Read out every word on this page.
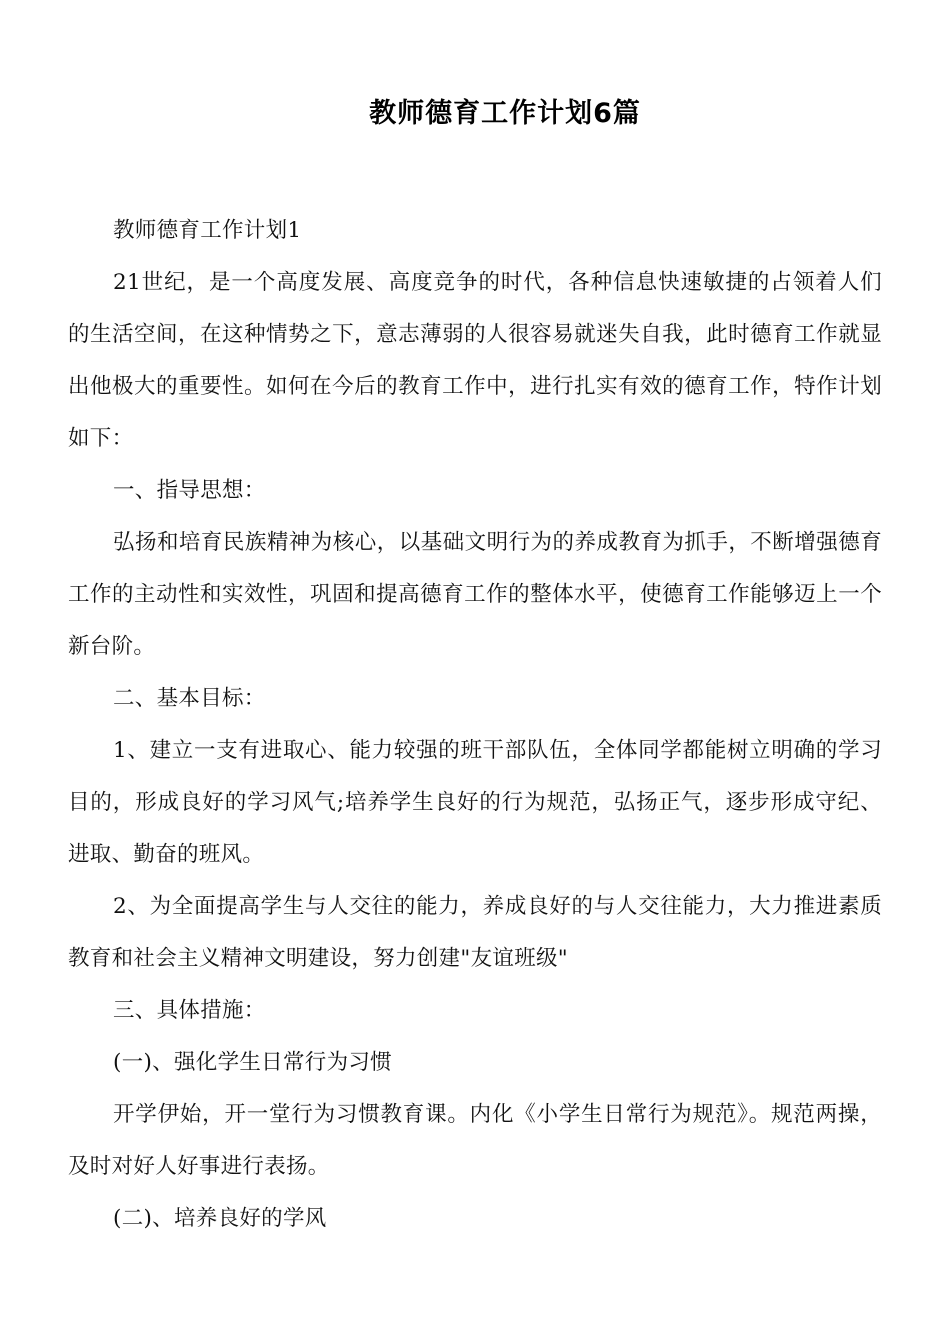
教师德育工作计划6篇

教师德育工作计划1

21世纪，是一个高度发展、高度竞争的时代，各种信息快速敏捷的占领着人们的生活空间，在这种情势之下，意志薄弱的人很容易就迷失自我，此时德育工作就显出他极大的重要性。如何在今后的教育工作中，进行扎实有效的德育工作，特作计划如下：

一、指导思想：

弘扬和培育民族精神为核心，以基础文明行为的养成教育为抓手，不断增强德育工作的主动性和实效性，巩固和提高德育工作的整体水平，使德育工作能够迈上一个新台阶。

二、基本目标：

1、建立一支有进取心、能力较强的班干部队伍，全体同学都能树立明确的学习目的，形成良好的学习风气;培养学生良好的行为规范，弘扬正气，逐步形成守纪、进取、勤奋的班风。

2、为全面提高学生与人交往的能力，养成良好的与人交往能力，大力推进素质教育和社会主义精神文明建设，努力创建"友谊班级"

三、具体措施：

(一)、强化学生日常行为习惯

开学伊始，开一堂行为习惯教育课。内化《小学生日常行为规范》。规范两操，及时对好人好事进行表扬。

(二)、培养良好的学风
